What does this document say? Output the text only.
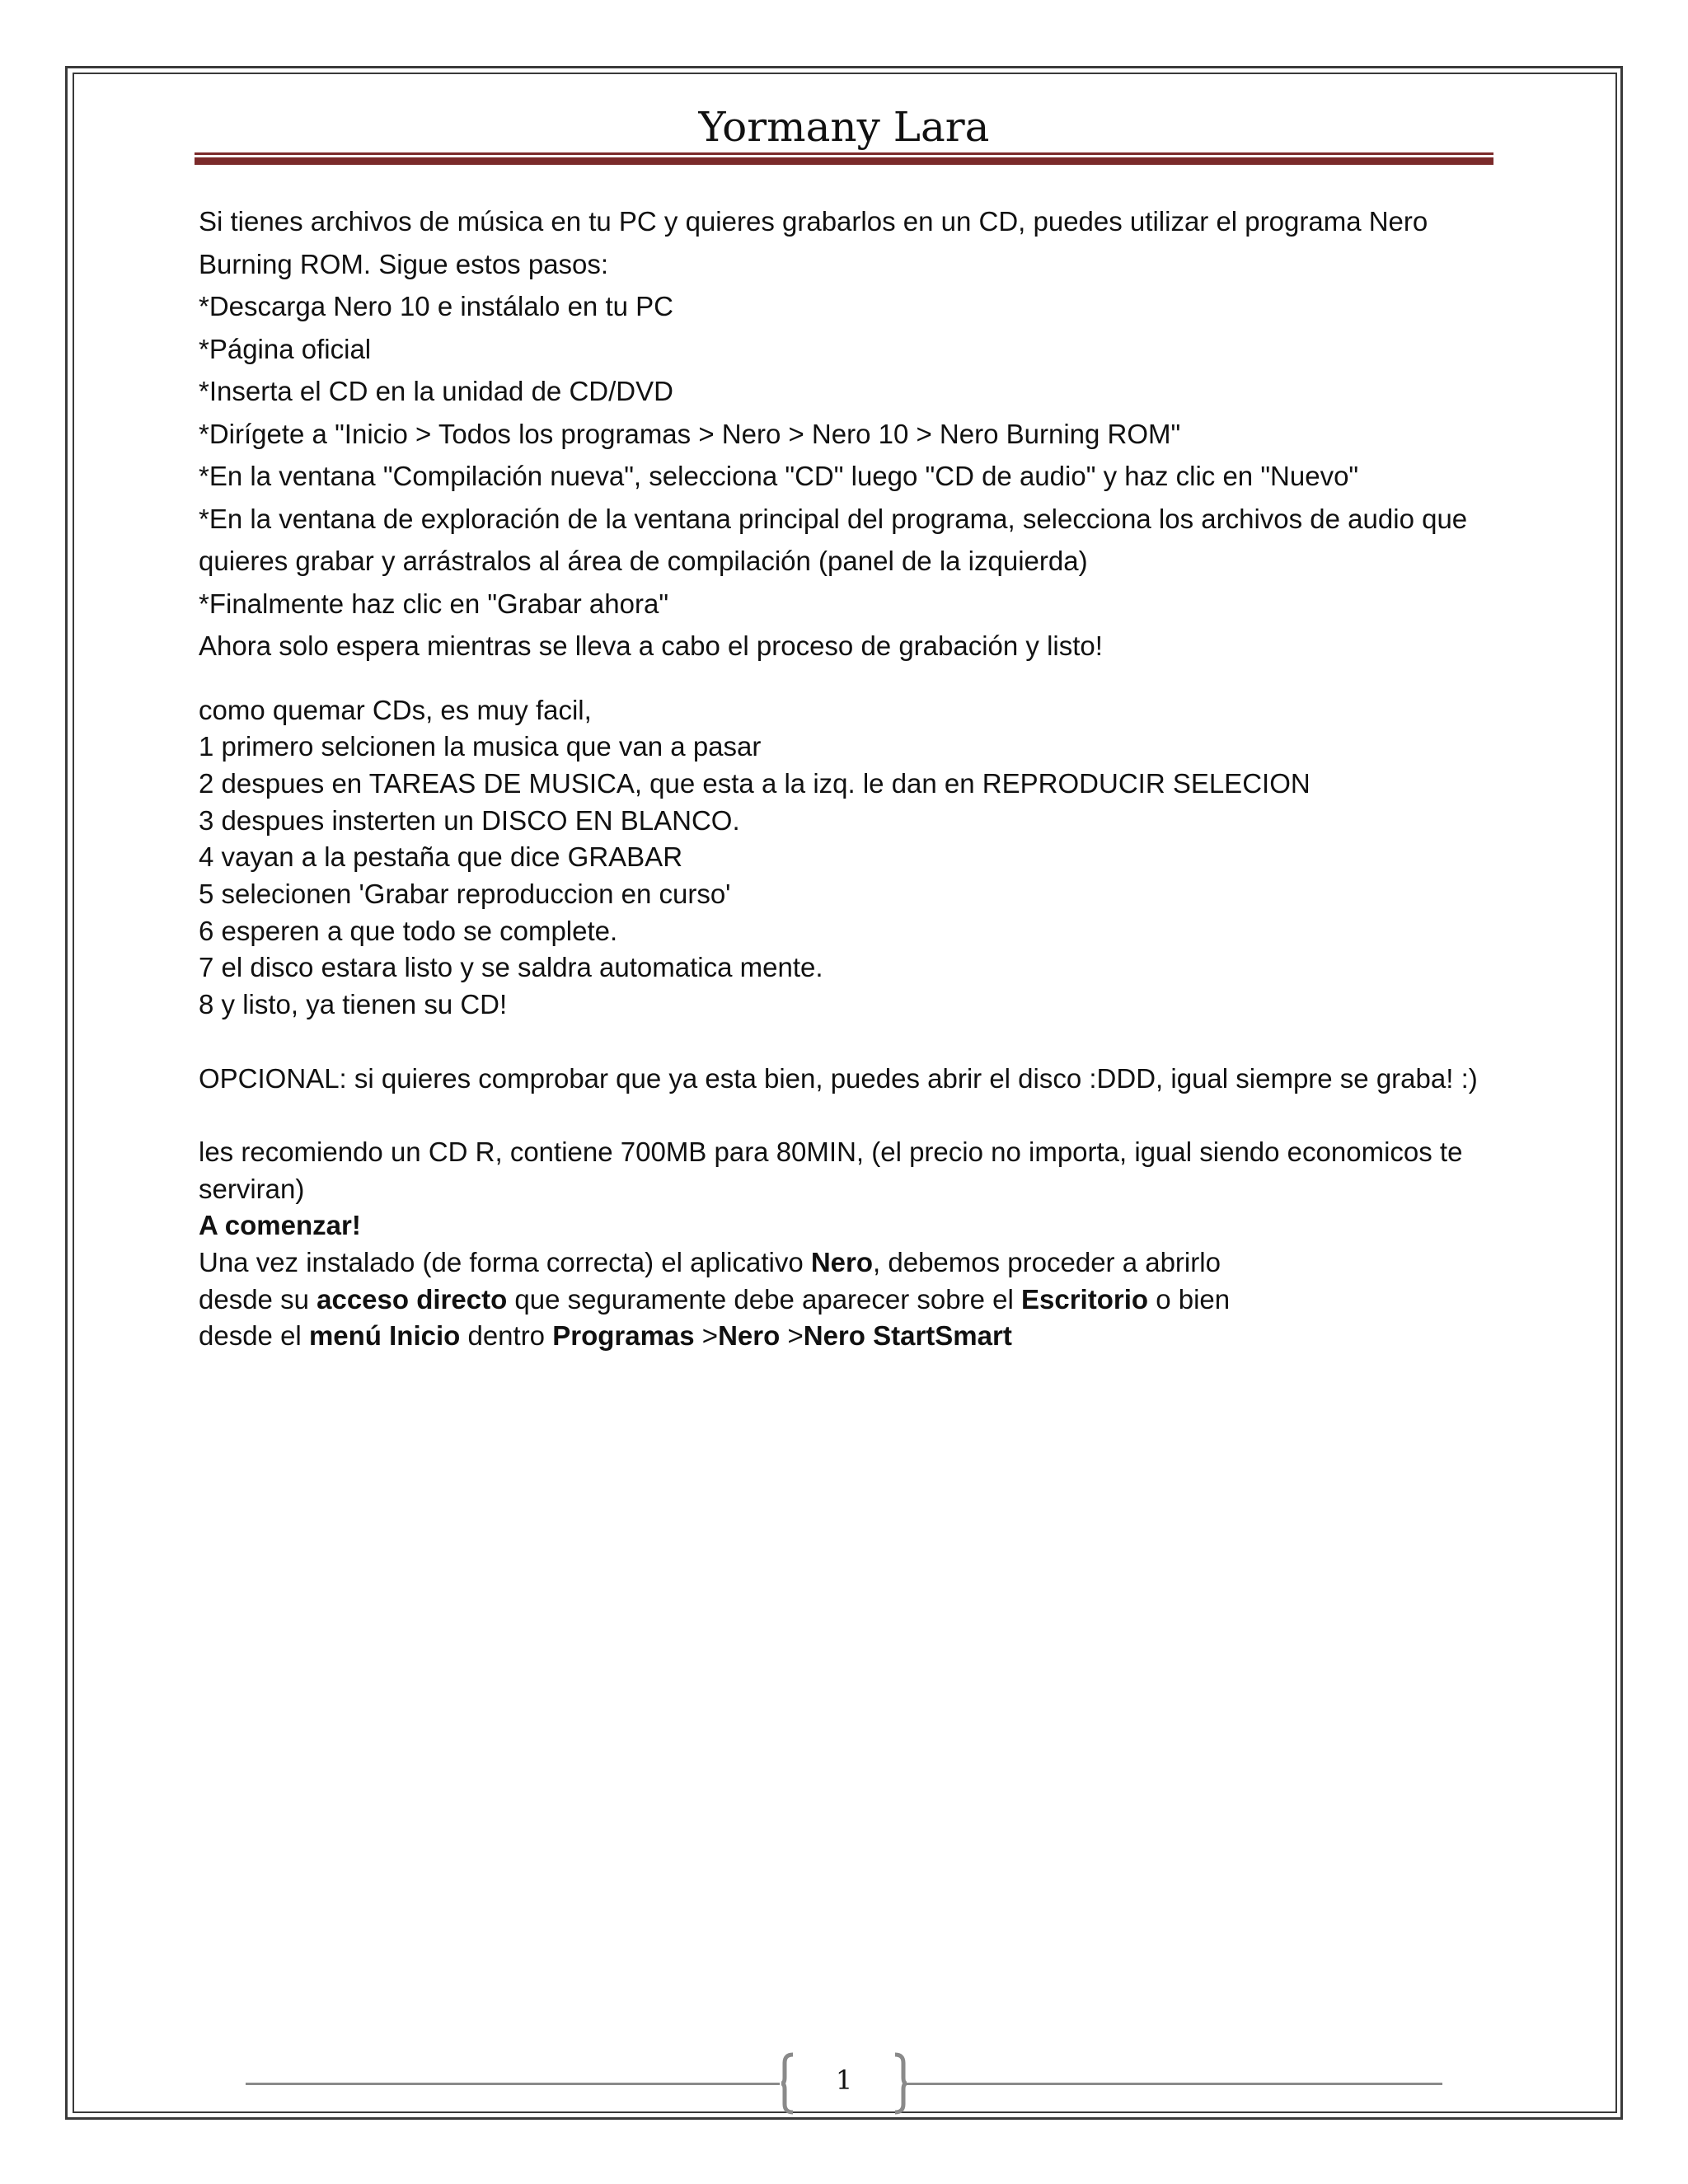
Yormany Lara

Si tienes archivos de música en tu PC y quieres grabarlos en un CD, puedes utilizar el programa Nero

Burning ROM. Sigue estos pasos:

*Descarga Nero 10 e instálalo en tu PC

*Página oficial

*Inserta el CD en la unidad de CD/DVD

*Dirígete a "Inicio > Todos los programas > Nero > Nero 10 > Nero Burning ROM"

*En la ventana "Compilación nueva", selecciona "CD" luego "CD de audio" y haz clic en "Nuevo"

*En la ventana de exploración de la ventana principal del programa, selecciona los archivos de audio que

quieres grabar y arrástralos al área de compilación (panel de la izquierda)

*Finalmente haz clic en "Grabar ahora"

Ahora solo espera mientras se lleva a cabo el proceso de grabación y listo!

como quemar CDs, es muy facil,

1 primero selcionen la musica que van a pasar

2 despues en TAREAS DE MUSICA, que esta a la izq. le dan en REPRODUCIR SELECION

3 despues insterten un DISCO EN BLANCO.

4 vayan a la pestaña que dice GRABAR

5 selecionen 'Grabar reproduccion en curso'

6 esperen a que todo se complete.

7 el disco estara listo y se saldra automatica mente.

8 y listo, ya tienen su CD!

OPCIONAL: si quieres comprobar que ya esta bien, puedes abrir el disco :DDD, igual siempre se graba! :)

les recomiendo un CD R, contiene 700MB para 80MIN, (el precio no importa, igual siendo economicos te

serviran)

A comenzar!

Una vez instalado (de forma correcta) el aplicativo Nero, debemos proceder a abrirlo

desde su acceso directo que seguramente debe aparecer sobre el Escritorio o bien

desde el menú Inicio dentro Programas >Nero >Nero StartSmart

1
